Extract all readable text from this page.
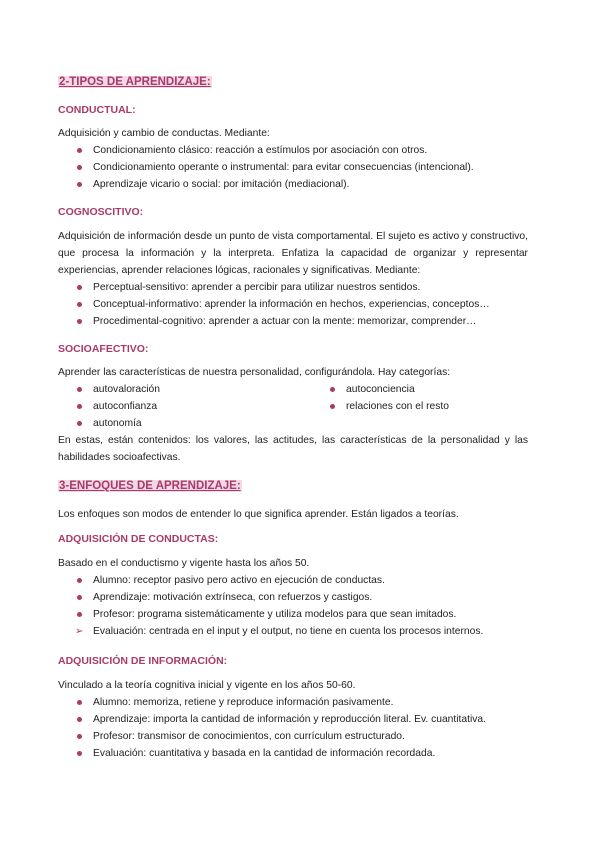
2-TIPOS DE APRENDIZAJE:
CONDUCTUAL:
Adquisición y cambio de conductas. Mediante:
Condicionamiento clásico: reacción a estímulos por asociación con otros.
Condicionamiento operante o instrumental: para evitar consecuencias (intencional).
Aprendizaje vicario o social: por imitación (mediacional).
COGNOSCITIVO:
Adquisición de información desde un punto de vista comportamental. El sujeto es activo y constructivo, que procesa la información y la interpreta. Enfatiza la capacidad de organizar y representar experiencias, aprender relaciones lógicas, racionales y significativas. Mediante:
Perceptual-sensitivo: aprender a percibir para utilizar nuestros sentidos.
Conceptual-informativo: aprender la información en hechos, experiencias, conceptos…
Procedimental-cognitivo: aprender a actuar con la mente: memorizar, comprender…
SOCIOAFECTIVO:
Aprender las características de nuestra personalidad, configurándola. Hay categorías:
autovaloración
autoconfianza
autonomía
autoconciencia
relaciones con el resto
En estas, están contenidos: los valores, las actitudes, las características de la personalidad y las habilidades socioafectivas.
3-ENFOQUES DE APRENDIZAJE:
Los enfoques son modos de entender lo que significa aprender. Están ligados a teorías.
ADQUISICIÓN DE CONDUCTAS:
Basado en el conductismo y vigente hasta los años 50.
Alumno: receptor pasivo pero activo en ejecución de conductas.
Aprendizaje: motivación extrínseca, con refuerzos y castigos.
Profesor: programa sistemáticamente y utiliza modelos para que sean imitados.
➢ Evaluación: centrada en el input y el output, no tiene en cuenta los procesos internos.
ADQUISICIÓN DE INFORMACIÓN:
Vinculado a la teoría cognitiva inicial y vigente en los años 50-60.
Alumno: memoriza, retiene y reproduce información pasivamente.
Aprendizaje: importa la cantidad de información y reproducción literal. Ev. cuantitativa.
Profesor: transmisor de conocimientos, con currículum estructurado.
Evaluación: cuantitativa y basada en la cantidad de información recordada.
